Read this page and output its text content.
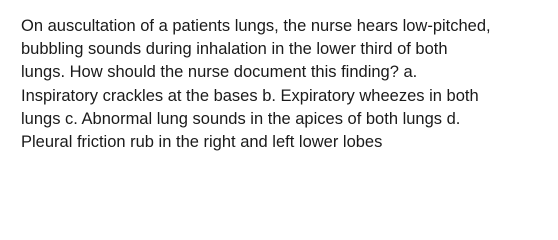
On auscultation of a patients lungs, the nurse hears low-pitched,
bubbling sounds during inhalation in the lower third of both
lungs. How should the nurse document this finding? a.
Inspiratory crackles at the bases b. Expiratory wheezes in both
lungs c. Abnormal lung sounds in the apices of both lungs d.
Pleural friction rub in the right and left lower lobes
